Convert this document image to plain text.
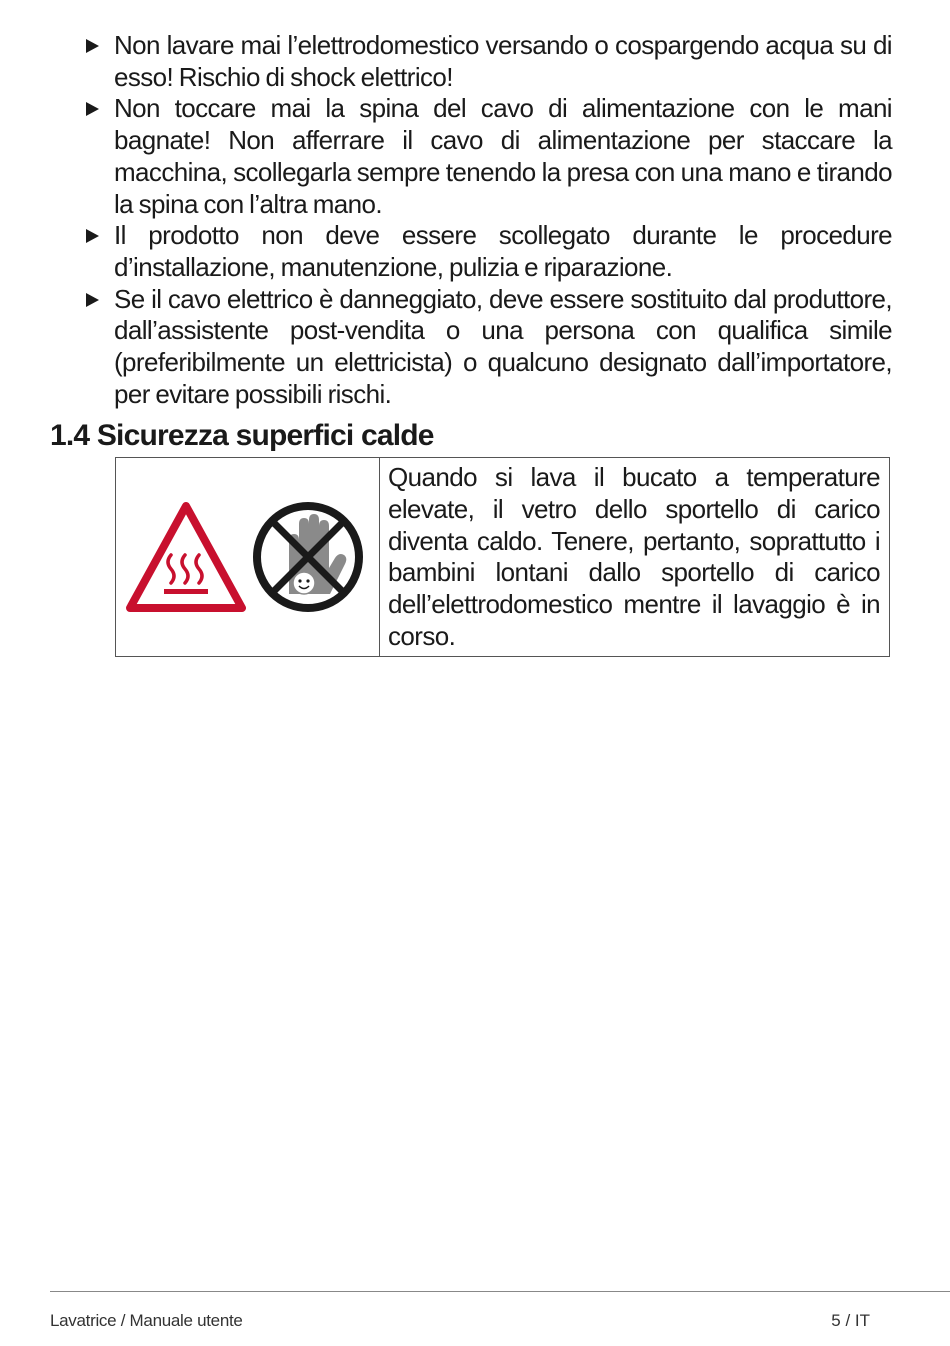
Non lavare mai l’elettrodomestico versando o cospargendo acqua su di esso! Rischio di shock elettrico!
Non toccare mai la spina del cavo di alimentazione con le mani bagnate! Non afferrare il cavo di alimentazione per staccare la macchina, scollegarla sempre tenendo la presa con una mano e tirando la spina con l’altra mano.
Il prodotto non deve essere scollegato durante le procedure d’installazione, manutenzione, pulizia e riparazione.
Se il cavo elettrico è danneggiato, deve essere sostituito dal produttore, dall’assistente post-vendita o una persona con qualifica simile (preferibilmente un elettricista) o qualcuno designato dall’importatore, per evitare possibili rischi.
1.4 Sicurezza superfici calde
Quando si lava il bucato a temperature elevate, il vetro dello sportello di carico diventa caldo. Tenere, pertanto, soprattutto i bambini lontani dallo sportello di carico dell’elettrodomestico mentre il lavaggio è in corso.
Lavatrice / Manuale utente	5 / IT
